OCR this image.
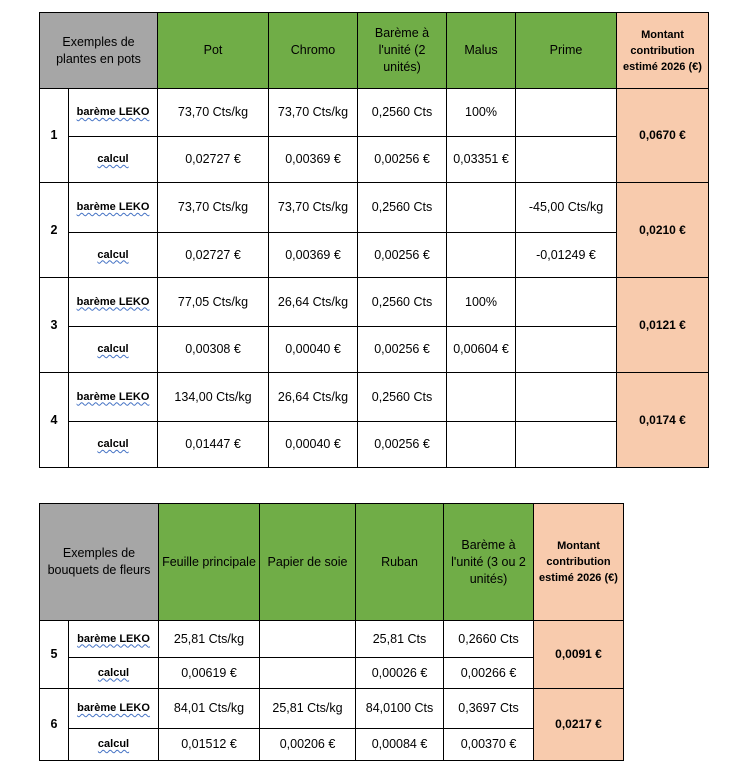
Exemples de plantes en pots	Pot	Chromo	Barème à l'unité (2 unités)	Malus	Prime	Montant contribution estimé 2026 (€)
1	barème LEKO	73,70 Cts/kg	73,70 Cts/kg	0,2560 Cts	100%		0,0670 €
	calcul	0,02727 €	0,00369 €	0,00256 €	0,03351 €		
2	barème LEKO	73,70 Cts/kg	73,70 Cts/kg	0,2560 Cts		-45,00 Cts/kg	0,0210 €
	calcul	0,02727 €	0,00369 €	0,00256 €		-0,01249 €	
3	barème LEKO	77,05 Cts/kg	26,64 Cts/kg	0,2560 Cts	100%		0,0121 €
	calcul	0,00308 €	0,00040 €	0,00256 €	0,00604 €		
4	barème LEKO	134,00 Cts/kg	26,64 Cts/kg	0,2560 Cts			0,0174 €
	calcul	0,01447 €	0,00040 €	0,00256 €			
Exemples de bouquets de fleurs		Feuille principale	Papier de soie	Ruban	Barème à l'unité (3 ou 2 unités)	Montant contribution estimé 2026 (€)
5	barème LEKO	25,81 Cts/kg		25,81 Cts	0,2660 Cts	0,0091 €
	calcul	0,00619 €		0,00026 €	0,00266 €	
6	barème LEKO	84,01 Cts/kg	25,81 Cts/kg	84,0100 Cts	0,3697 Cts	0,0217 €
	calcul	0,01512 €	0,00206 €	0,00084 €	0,00370 €	
